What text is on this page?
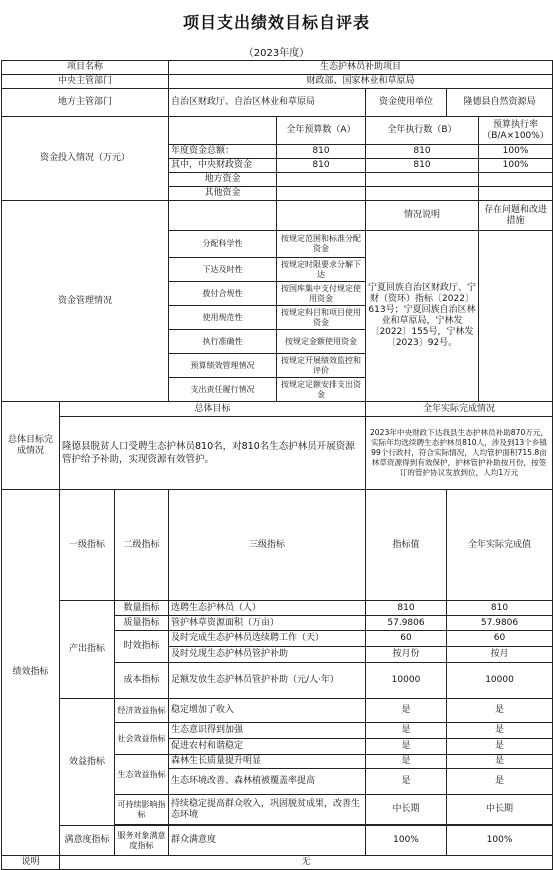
项目支出绩效目标自评表
（2023年度）
项目名称			生态护林员补助项目					
中央主管部门			财政部、国家林业和草原局					
地方主管部门			自治区财政厅、自治区林业和草原局		资金使用单位	隆德县自然资源局		
资金投入情况（万元）				全年预算数（A）	全年执行数（B）		预算执行率（B/A×100%）	
			年度资金总额：	810	810		100%	
			其中，中央财政资金	810	810		100%	
			地方资金					
			其他资金					
资金管理情况					情况说明		存在问题和改进措施	
			分配科学性	按规定范围和标准分配资金	宁夏回族自治区财政厅、宁财（资环）指标〔2022〕613号；宁夏回族自治区林业和草原局，宁林发〔2022〕155号，宁林发〔2023〕92号。			
			下达及时性	按规定时限要求分解下达				
			拨付合规性	按国库集中支付规定使用资金				
			使用规范性	按规定科目和项目使用资金				
			执行准确性	按规定金额使用资金				
			预算绩效管理情况	按规定开展绩效监控和评价				
			支出责任履行情况	按规定足额安排支出资金				
总体目标完成情况	总体目标				全年实际完成情况			
	隆德县脱贫人口受聘生态护林员810名，对810名生态护林员开展资源管护给予补助，实现资源有效管护。				2023年中央财政下达我县生态护林员补助870万元，实际年均选续聘生态护林员810人，涉及到13个乡镇99个行政村，符合实际情况，人均管护面积715.8亩林草资源得到有效保护，护林管护补助按月份，按签订的管护协议发放到位，人均1万元			
绩效指标	一级指标	二级指标	三级指标		指标值	全年实际完成值	
	产出指标	数量指标	选聘生态护林员（人）		810	810		
		质量指标	管护林草资源面积（万亩）		57.9806	57.9806		
		时效指标	及时完成生态护林员选续聘工作（天）		60	60		
			及时兑现生态护林员管护补助		按月份	按月		
		成本指标	足额发放生态护林员管护补助（元/人·年）		10000	10000		
	效益指标	经济效益指标	稳定增加了收入		是	是		
		社会效益指标	生态意识得到加强		是	是		
			促进农村和谐稳定		是	是		
		生态效益指标	森林生长质量提升明显		是	是		
			生态环境改善、森林植被覆盖率提高		是	是		
		可持续影响指标	持续稳定提高群众收入，巩固脱贫成果，改善生态环境		中长期	中长期		

	满意度指标	服务对象满意度指标	群众满意度		100%	100%		
说明	无							
